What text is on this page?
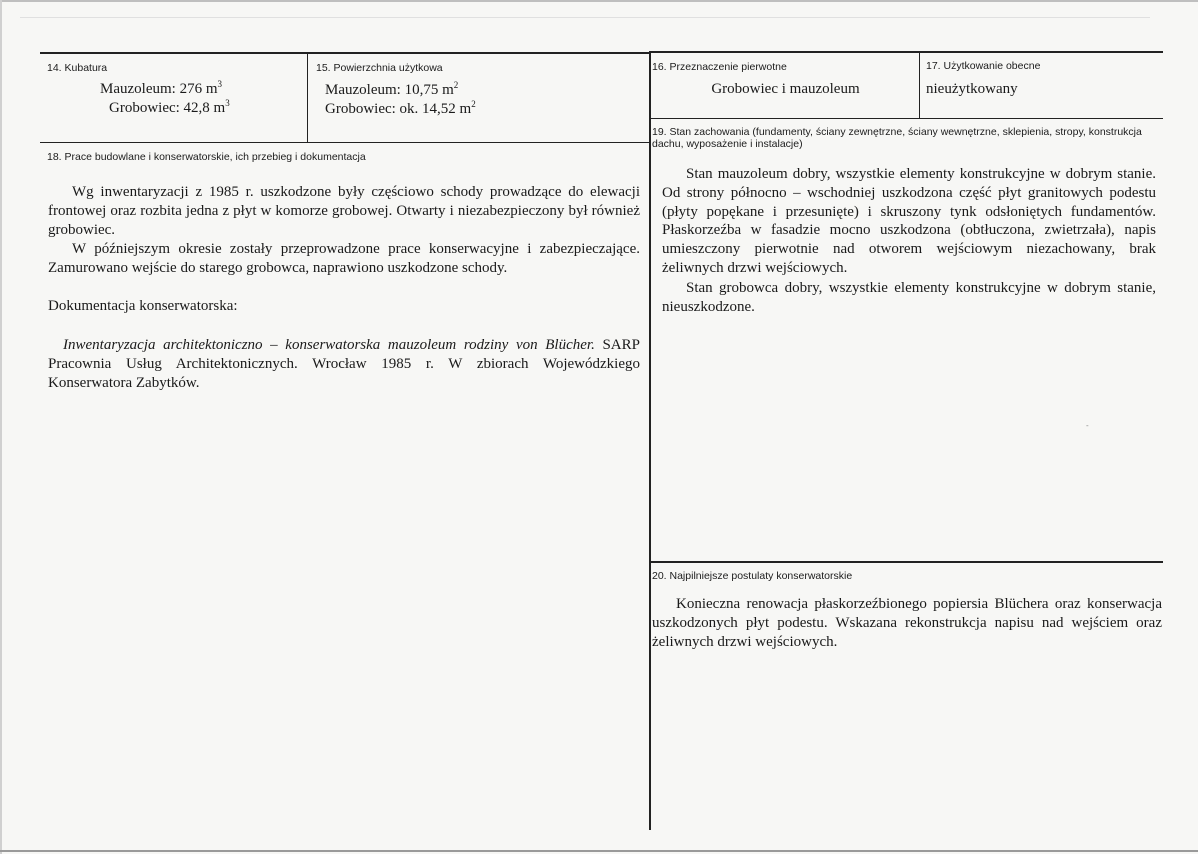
14. Kubatura
Mauzoleum: 276 $m^3$
Grobowiec: 42,8 $m^3$
15. Powierzchnia użytkowa
Mauzoleum: 10,75 $m^2$
Grobowiec: ok. 14,52 $m^2$
16. Przeznaczenie pierwotne
Grobowiec i mauzoleum
17. Użytkowanie obecne
nieużytkowany
18. Prace budowlane i konserwatorskie, ich przebieg i dokumentacja

Wg inwentaryzacji z 1985 r. uszkodzone były częściowo schody prowadzące do elewacji frontowej oraz rozbita jedna z płyt w komorze grobowej. Otwarty i niezabezpieczony był również grobowiec.

W późniejszym okresie zostały przeprowadzone prace konserwacyjne i zabezpieczające. Zamurowano wejście do starego grobowca, naprawiono uszkodzone schody.

Dokumentacja konserwatorska:

Inwentaryzacja architektoniczno – konserwatorska mauzoleum rodziny von Blücher. SARP Pracownia Usług Architektonicznych. Wrocław 1985 r. W zbiorach Wojewódzkiego Konserwatora Zabytków.

19. Stan zachowania (fundamenty, ściany zewnętrzne, ściany wewnętrzne, sklepienia, stropy, konstrukcja dachu, wyposażenie i instalacje)

Stan mauzoleum dobry, wszystkie elementy konstrukcyjne w dobrym stanie. Od strony północno – wschodniej uszkodzona część płyt granitowych podestu (płyty popękane i przesunięte) i skruszony tynk odsłoniętych fundamentów. Płaskorzeźba w fasadzie mocno uszkodzona (obtłuczona, zwietrzała), napis umieszczony pierwotnie nad otworem wejściowym niezachowany, brak żeliwnych drzwi wejściowych.

Stan grobowca dobry, wszystkie elementy konstrukcyjne w dobrym stanie, nieuszkodzone.

-
20. Najpilniejsze postulaty konserwatorskie

Konieczna renowacja płaskorzeźbionego popiersia Blüchera oraz konserwacja uszkodzonych płyt podestu. Wskazana rekonstrukcja napisu nad wejściem oraz żeliwnych drzwi wejściowych.
